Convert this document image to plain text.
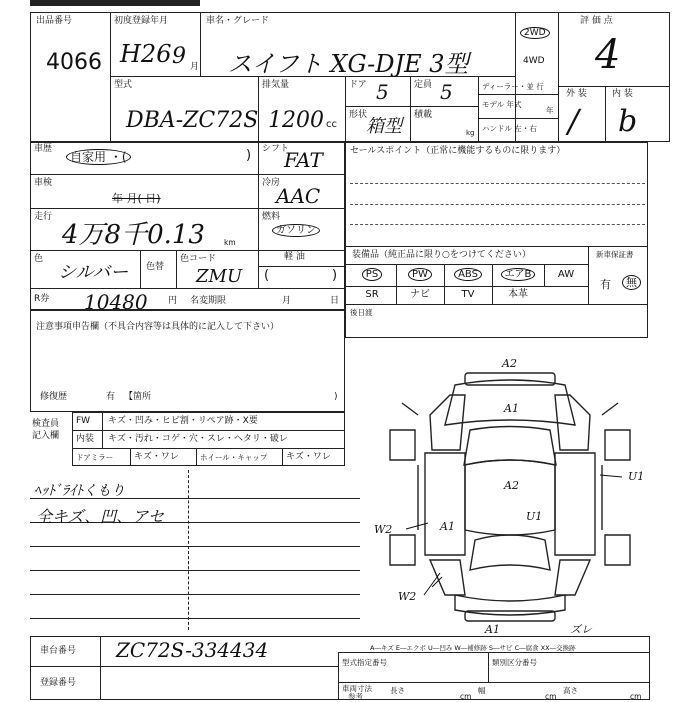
出品番号
4066
初度登録年月
H26 9 月
車名・グレード
スイフト XG-DJE 3型
2WD
4WD
評 価 点
4
外 装	内 装
/ b
型式
DBA-ZC72S
排気量
1200 cc
ドア 5	定員 5
形状
箱型
積載
kg
ディーラー・並 行
モデル 年式
年
ハンドル 左・右
車歴
自家用 ・(	)
車検
年 月( 日)
走行
4万8千0.13	km
色
シルバー 色替
色コード
ZMU
R券 10480 円 名変期限	月	日
シフト
FAT
冷房
AAC
燃料
ガソリン
軽 油
(	)
セールスポイント（正常に機能するものに限ります）
装備品（純正品に限り○をつけてください）	新車保証書
有	無
PS	PW	ABS	エアB	AW
SR	ナビ	TV	本革
後日渡
注意事項申告欄（不具合内容等は具体的に記入して下さい）
修復歴	有 【箇所	)
検査員 記入欄
FW キズ・凹み・ヒビ割・リペア跡・X要
内装 キズ・汚れ・コゲ・穴・スレ・ヘタリ・破レ
ドアミラー キズ・ワレ	ホイール・キャップ キズ・ワレ
ﾍｯﾄﾞﾗｲﾄくもり
全キズ、凹、アセ
A2
A1
A2
U1
W2	A1
U1
W2
A1	ズレ
A―キズ E―エクボ U―凹み W―補修跡 S―サビ C―腐食 XX―交換跡
車台番号 ZC72S-334434
登録番号
型式指定番号	類別区分番号
車両寸法
参考
長さ
cm
幅
cm
高さ
cm
